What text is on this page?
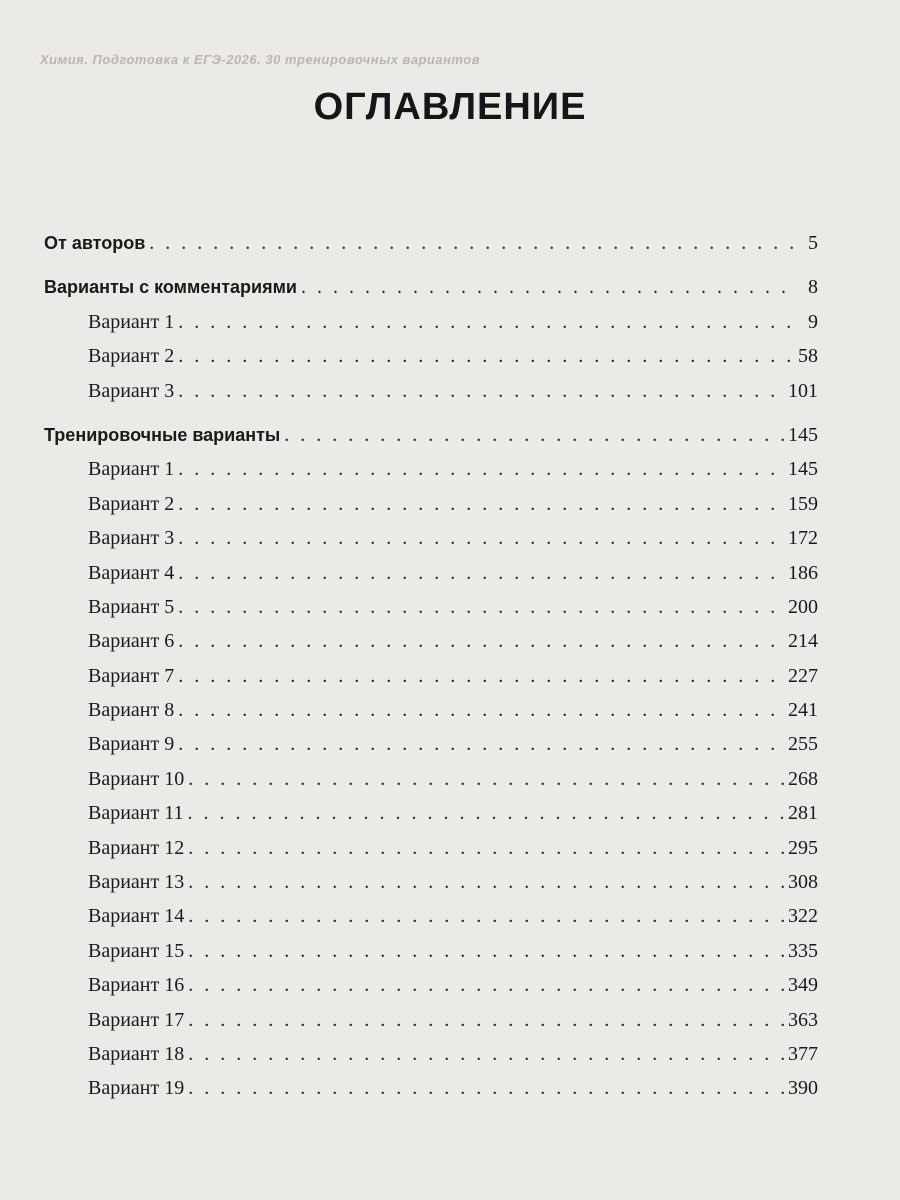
Химия. Подготовка к ЕГЭ-2026. 30 тренировочных вариантов
ОГЛАВЛЕНИЕ
От авторов . . .	5
Варианты с комментариями . . .	8
Вариант 1 . . .	9
Вариант 2 . . .	58
Вариант 3 . . .	101
Тренировочные варианты . . .	145
Вариант 1 . . .	145
Вариант 2 . . .	159
Вариант 3 . . .	172
Вариант 4 . . .	186
Вариант 5 . . .	200
Вариант 6 . . .	214
Вариант 7 . . .	227
Вариант 8 . . .	241
Вариант 9 . . .	255
Вариант 10 . . .	268
Вариант 11 . . .	281
Вариант 12 . . .	295
Вариант 13 . . .	308
Вариант 14 . . .	322
Вариант 15 . . .	335
Вариант 16 . . .	349
Вариант 17 . . .	363
Вариант 18 . . .	377
Вариант 19 . . .	390
